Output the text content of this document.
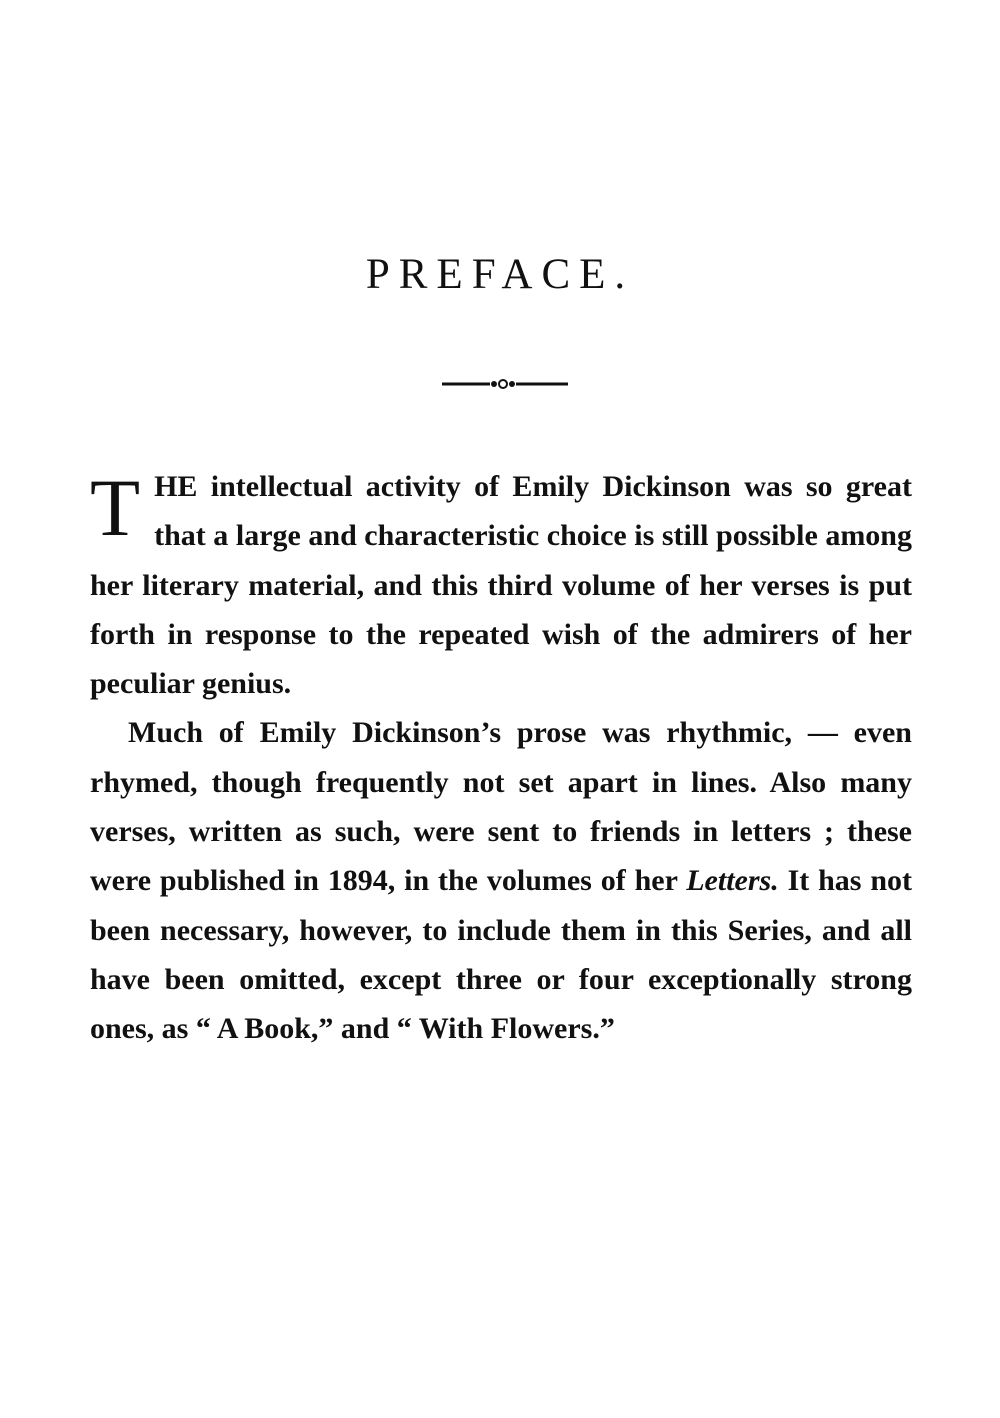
PREFACE.

THE intellectual activity of Emily Dickinson was so great that a large and characteristic choice is still possible among her literary material, and this third volume of her verses is put forth in response to the repeated wish of the admirers of her peculiar genius.

Much of Emily Dickinson’s prose was rhythmic, — even rhymed, though frequently not set apart in lines. Also many verses, written as such, were sent to friends in letters ; these were published in 1894, in the volumes of her Letters. It has not been necessary, however, to include them in this Series, and all have been omitted, except three or four exceptionally strong ones, as “ A Book,” and “ With Flowers.”
